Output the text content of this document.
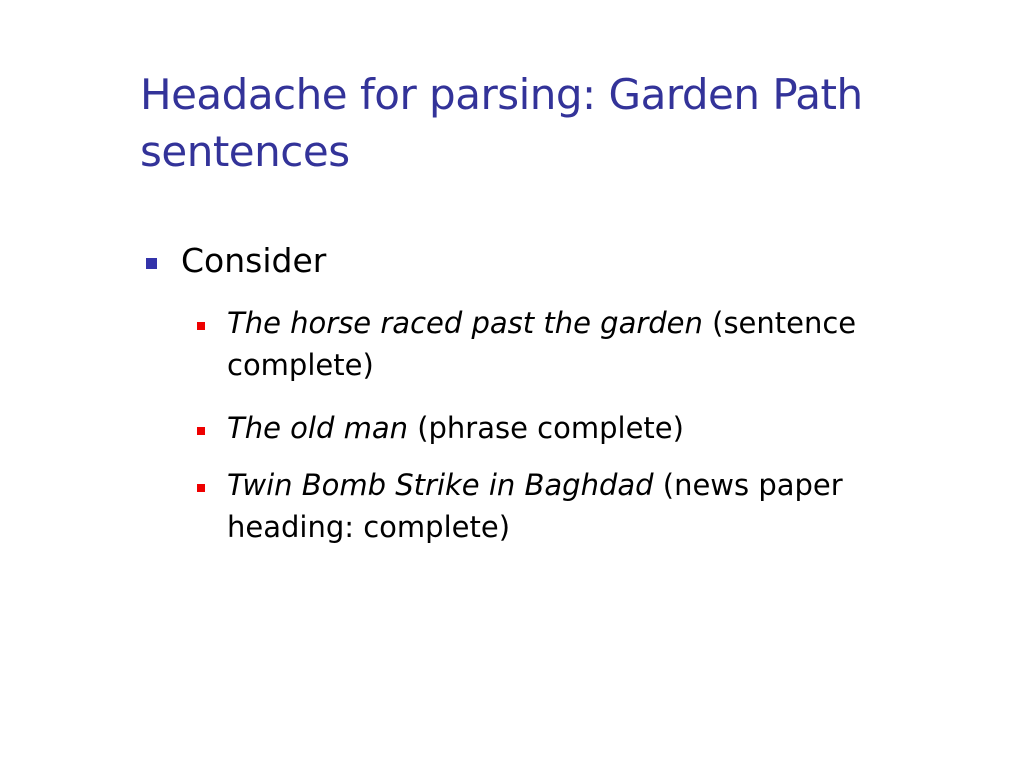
Headache for parsing: Garden Path
sentences
Consider
The horse raced past the garden (sentence
complete)
The old man (phrase complete)
Twin Bomb Strike in Baghdad (news paper
heading: complete)
